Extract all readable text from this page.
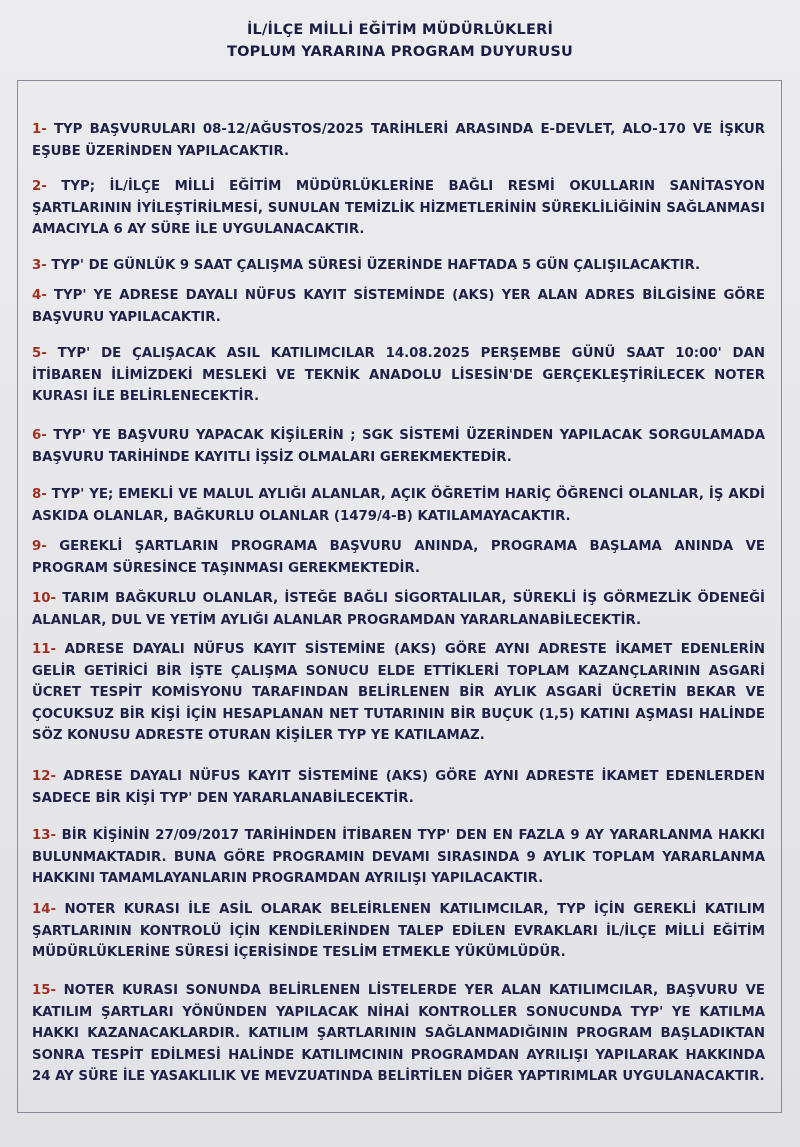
İL/İLÇE MİLLİ EĞİTİM MÜDÜRLÜKLERİ
TOPLUM YARARINA PROGRAM DUYURUSU
1- TYP BAŞVURULARI 08-12/AĞUSTOS/2025 TARİHLERİ ARASINDA E-DEVLET, ALO-170 VE İŞKUR EŞUBE ÜZERİNDEN YAPILACAKTIR.
2- TYP; İL/İLÇE MİLLİ EĞİTİM MÜDÜRLÜKLERİNE BAĞLI RESMİ OKULLARIN SANİTASYON ŞARTLARININ İYİLEŞTİRİLMESİ, SUNULAN TEMİZLİK HİZMETLERİNİN SÜREKLİLİĞİNİN SAĞLANMASI AMACIYLA 6 AY SÜRE İLE UYGULANACAKTIR.
3- TYP' DE GÜNLÜK 9 SAAT ÇALIŞMA SÜRESİ ÜZERİNDE HAFTADA 5 GÜN ÇALIŞILACAKTIR.
4- TYP' YE ADRESE DAYALI NÜFUS KAYIT SİSTEMİNDE (AKS) YER ALAN ADRES BİLGİSİNE GÖRE BAŞVURU YAPILACAKTIR.
5- TYP' DE ÇALIŞACAK ASIL KATILIMCILAR 14.08.2025 PERŞEMBE GÜNÜ SAAT 10:00' DAN İTİBAREN İLİMİZDEKİ MESLEKİ VE TEKNİK ANADOLU LİSESİN'DE GERÇEKLEŞTİRİLECEK NOTER KURASI İLE BELİRLENECEKTİR.
6- TYP' YE BAŞVURU YAPACAK KİŞİLERİN ; SGK SİSTEMİ ÜZERİNDEN YAPILACAK SORGULAMADA BAŞVURU TARİHİNDE KAYITLI İŞSİZ OLMALARI GEREKMEKTEDİR.
8- TYP' YE; EMEKLİ VE MALUL AYLIĞI ALANLAR, AÇIK ÖĞRETİM HARİÇ ÖĞRENCİ OLANLAR, İŞ AKDİ ASKIDA OLANLAR, BAĞKURLU OLANLAR (1479/4-B) KATILAMAYACAKTIR.
9- GEREKLİ ŞARTLARIN PROGRAMA BAŞVURU ANINDA, PROGRAMA BAŞLAMA ANINDA VE PROGRAM SÜRESİNCE TAŞINMASI GEREKMEKTEDİR.
10- TARIM BAĞKURLU OLANLAR, İSTEĞE BAĞLI SİGORTALILAR, SÜREKLİ İŞ GÖRMEZLİK ÖDENEĞİ ALANLAR, DUL VE YETİM AYLIĞI ALANLAR PROGRAMDAN YARARLANABİLECEKTİR.
11- ADRESE DAYALI NÜFUS KAYIT SİSTEMİNE (AKS) GÖRE AYNI ADRESTE İKAMET EDENLERİN GELİR GETİRİCİ BİR İŞTE ÇALIŞMA SONUCU ELDE ETTİKLERİ TOPLAM KAZANÇLARININ ASGARİ ÜCRET TESPİT KOMİSYONU TARAFINDAN BELİRLENEN BİR AYLIK ASGARİ ÜCRETİN BEKAR VE ÇOCUKSUZ BİR KİŞİ İÇİN HESAPLANAN NET TUTARININ BİR BUÇUK (1,5) KATINI AŞMASI HALİNDE SÖZ KONUSU ADRESTE OTURAN KİŞİLER TYP YE KATILAMAZ.
12- ADRESE DAYALI NÜFUS KAYIT SİSTEMİNE (AKS) GÖRE AYNI ADRESTE İKAMET EDENLERDEN SADECE BİR KİŞİ TYP' DEN YARARLANABİLECEKTİR.
13- BİR KİŞİNİN 27/09/2017 TARİHİNDEN İTİBAREN TYP' DEN EN FAZLA 9 AY YARARLANMA HAKKI BULUNMAKTADIR. BUNA GÖRE PROGRAMIN DEVAMI SIRASINDA 9 AYLIK TOPLAM YARARLANMA HAKKINI TAMAMLAYANLARIN PROGRAMDAN AYRILIŞI YAPILACAKTIR.
14- NOTER KURASI İLE ASİL OLARAK BELEİRLENEN KATILIMCILAR, TYP İÇİN GEREKLİ KATILIM ŞARTLARININ KONTROLÜ İÇİN KENDİLERİNDEN TALEP EDİLEN EVRAKLARI İL/İLÇE MİLLİ EĞİTİM MÜDÜRLÜKLERİNE SÜRESİ İÇERİSİNDE TESLİM ETMEKLE YÜKÜMLÜDÜR.
15- NOTER KURASI SONUNDA BELİRLENEN LİSTELERDE YER ALAN KATILIMCILAR, BAŞVURU VE KATILIM ŞARTLARI YÖNÜNDEN YAPILACAK NİHAİ KONTROLLER SONUCUNDA TYP' YE KATILMA HAKKI KAZANACAKLARDIR. KATILIM ŞARTLARININ SAĞLANMADIĞININ PROGRAM BAŞLADIKTAN SONRA TESPİT EDİLMESİ HALİNDE KATILIMCININ PROGRAMDAN AYRILIŞI YAPILARAK HAKKINDA 24 AY SÜRE İLE YASAKLILIK VE MEVZUATINDA BELİRTİLEN DİĞER YAPTIRIMLAR UYGULANACAKTIR.
